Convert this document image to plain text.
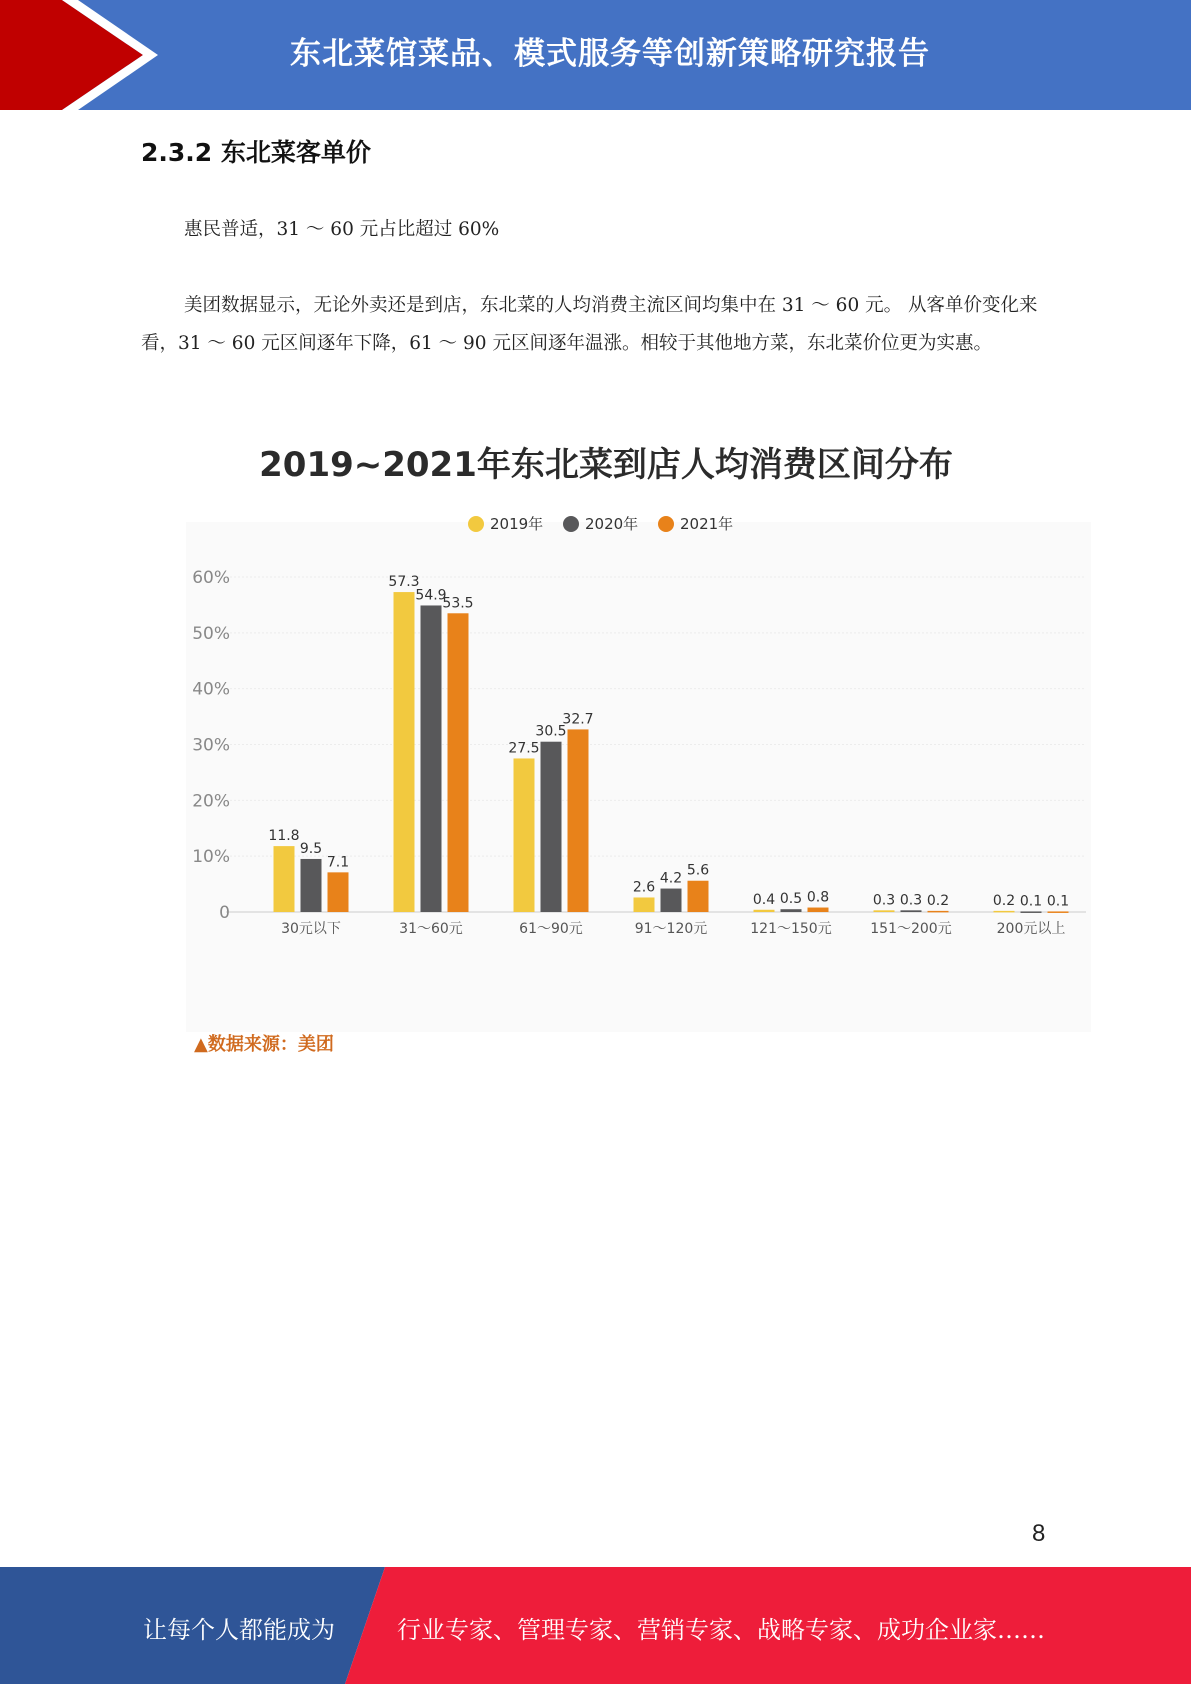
东北菜馆菜品、模式服务等创新策略研究报告
2.3.2 东北菜客单价

惠民普适，31 ～ 60 元占比超过 60%

美团数据显示，无论外卖还是到店，东北菜的人均消费主流区间均集中在 31 ～ 60 元。 从客单价变化来看，31 ～ 60 元区间逐年下降，61 ～ 90 元区间逐年温涨。相较于其他地方菜，东北菜价位更为实惠。

2019~2021年东北菜到店人均消费区间分布
2019年	2020年	2021年
0
10%
20%
30%
40%
50%
60%
11.8
9.5
7.1
57.3
54.9
53.5
27.5
30.5
32.7
2.6
4.2 5.6
0.4 0.5 0.8	0.3 0.3 0.2	0.2 0.1 0.1
30元以下	31～60元	61～90元	91～120元	121～150元	151～200元	200元以上
▲数据来源：美团
8
让每个人都能成为	行业专家、管理专家、营销专家、战略专家、成功企业家……
